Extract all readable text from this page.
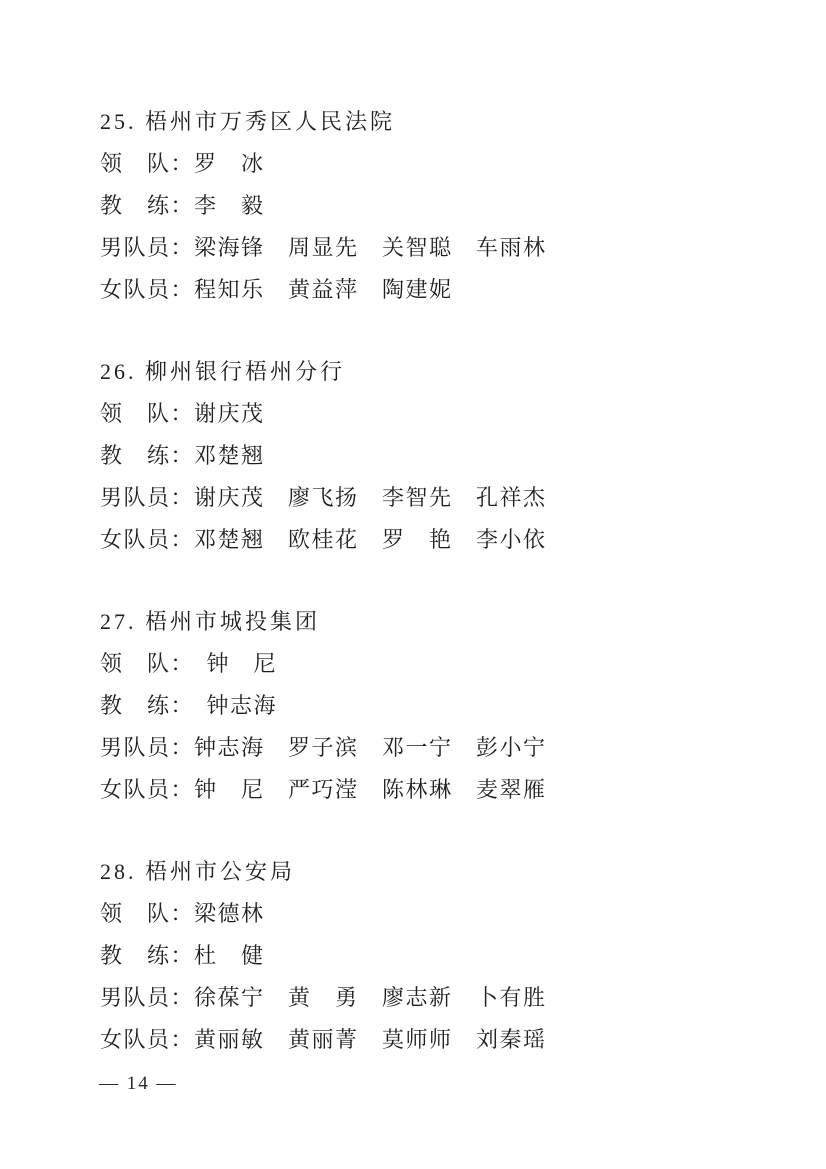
25. 梧州市万秀区人民法院
领　队：罗　冰
教　练：李　毅
男队员：梁海锋　周显先　关智聪　车雨林
女队员：程知乐　黄益萍　陶建妮
26. 柳州银行梧州分行
领　队：谢庆茂
教　练：邓楚翘
男队员：谢庆茂　廖飞扬　李智先　孔祥杰
女队员：邓楚翘　欧桂花　罗　艳　李小依
27. 梧州市城投集团
领　队：　钟　尼
教　练：　钟志海
男队员：钟志海　罗子滨　邓一宁　彭小宁
女队员：钟　尼　严巧滢　陈林琳　麦翠雁
28. 梧州市公安局
领　队：梁德林
教　练：杜　健
男队员：徐葆宁　黄　勇　廖志新　卜有胜
女队员：黄丽敏　黄丽菁　莫师师　刘秦瑶
— 14 —
